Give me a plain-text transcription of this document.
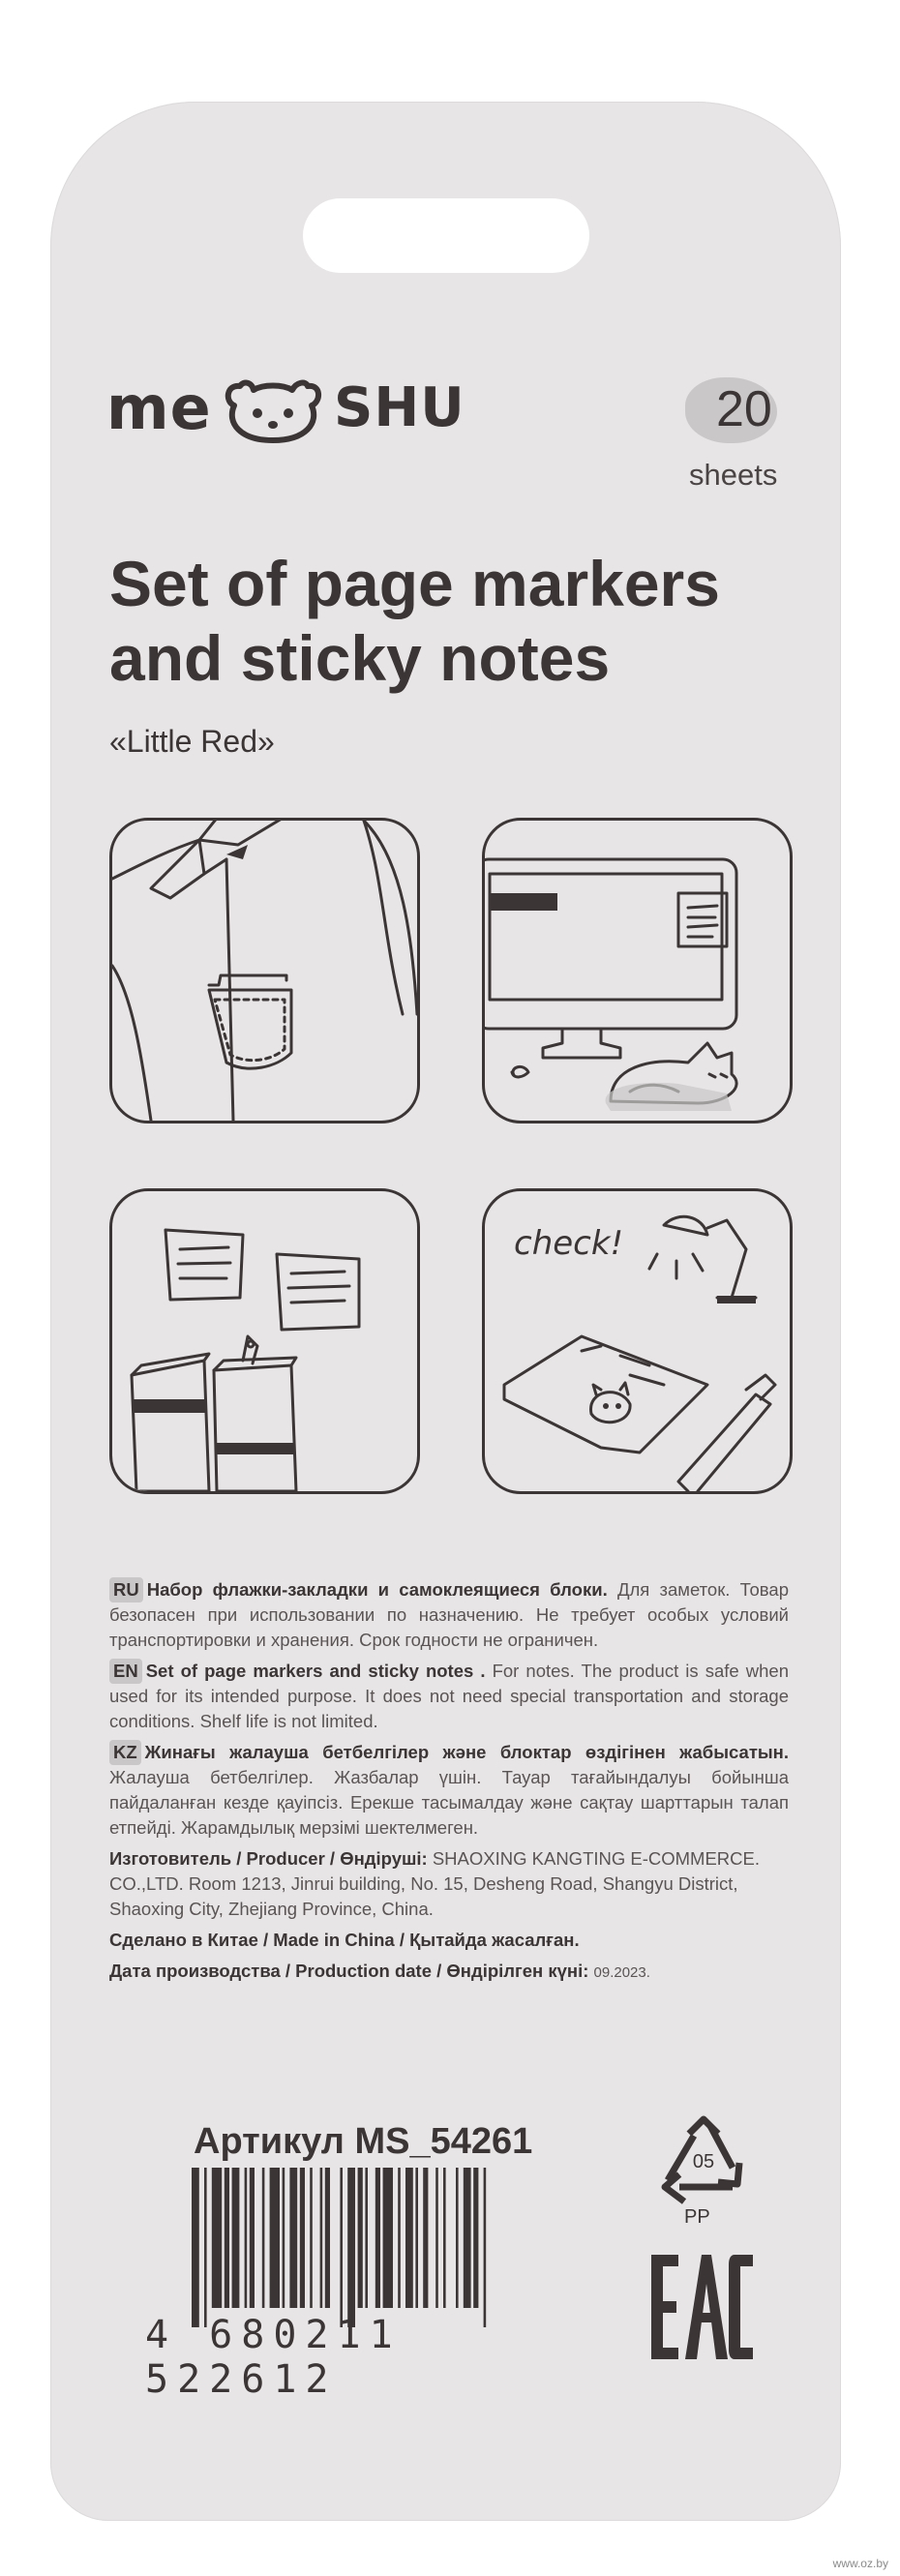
me SHU	20
sheets
Set of page markers and sticky notes
«Little Red»
check!

RU Набор флажки-закладки и самоклеящиеся блоки. Для заметок. Товар безопасен при использовании по назначению. Не требует особых условий транспортировки и хранения. Срок годности не ограничен.

EN Set of page markers and sticky notes . For notes. The product is safe when used for its intended purpose. It does not need special transportation and storage conditions. Shelf life is not limited.

KZ Жинағы жалауша бетбелгілер және блоктар өздігінен жабысатын. Жалауша бетбелгілер. Жазбалар үшін. Тауар тағайындалуы бойынша пайдаланған кезде қауіпсіз. Ерекше тасымалдау және сақтау шарттарын талап етпейді. Жарамдылық мерзімі шектелмеген.

Изготовитель / Producer / Өндіруші: SHAOXING KANGTING E-COMMERCE. CO.,LTD. Room 1213, Jinrui building, No. 15, Desheng Road, Shangyu District, Shaoxing City, Zhejiang Province, China.

Сделано в Китае / Made in China / Қытайда жасалған.

Дата производства / Production date / Өндірілген күні: 09.2023.

Артикул MS_54261
4 680211 522612
05
PP
www.oz.by
